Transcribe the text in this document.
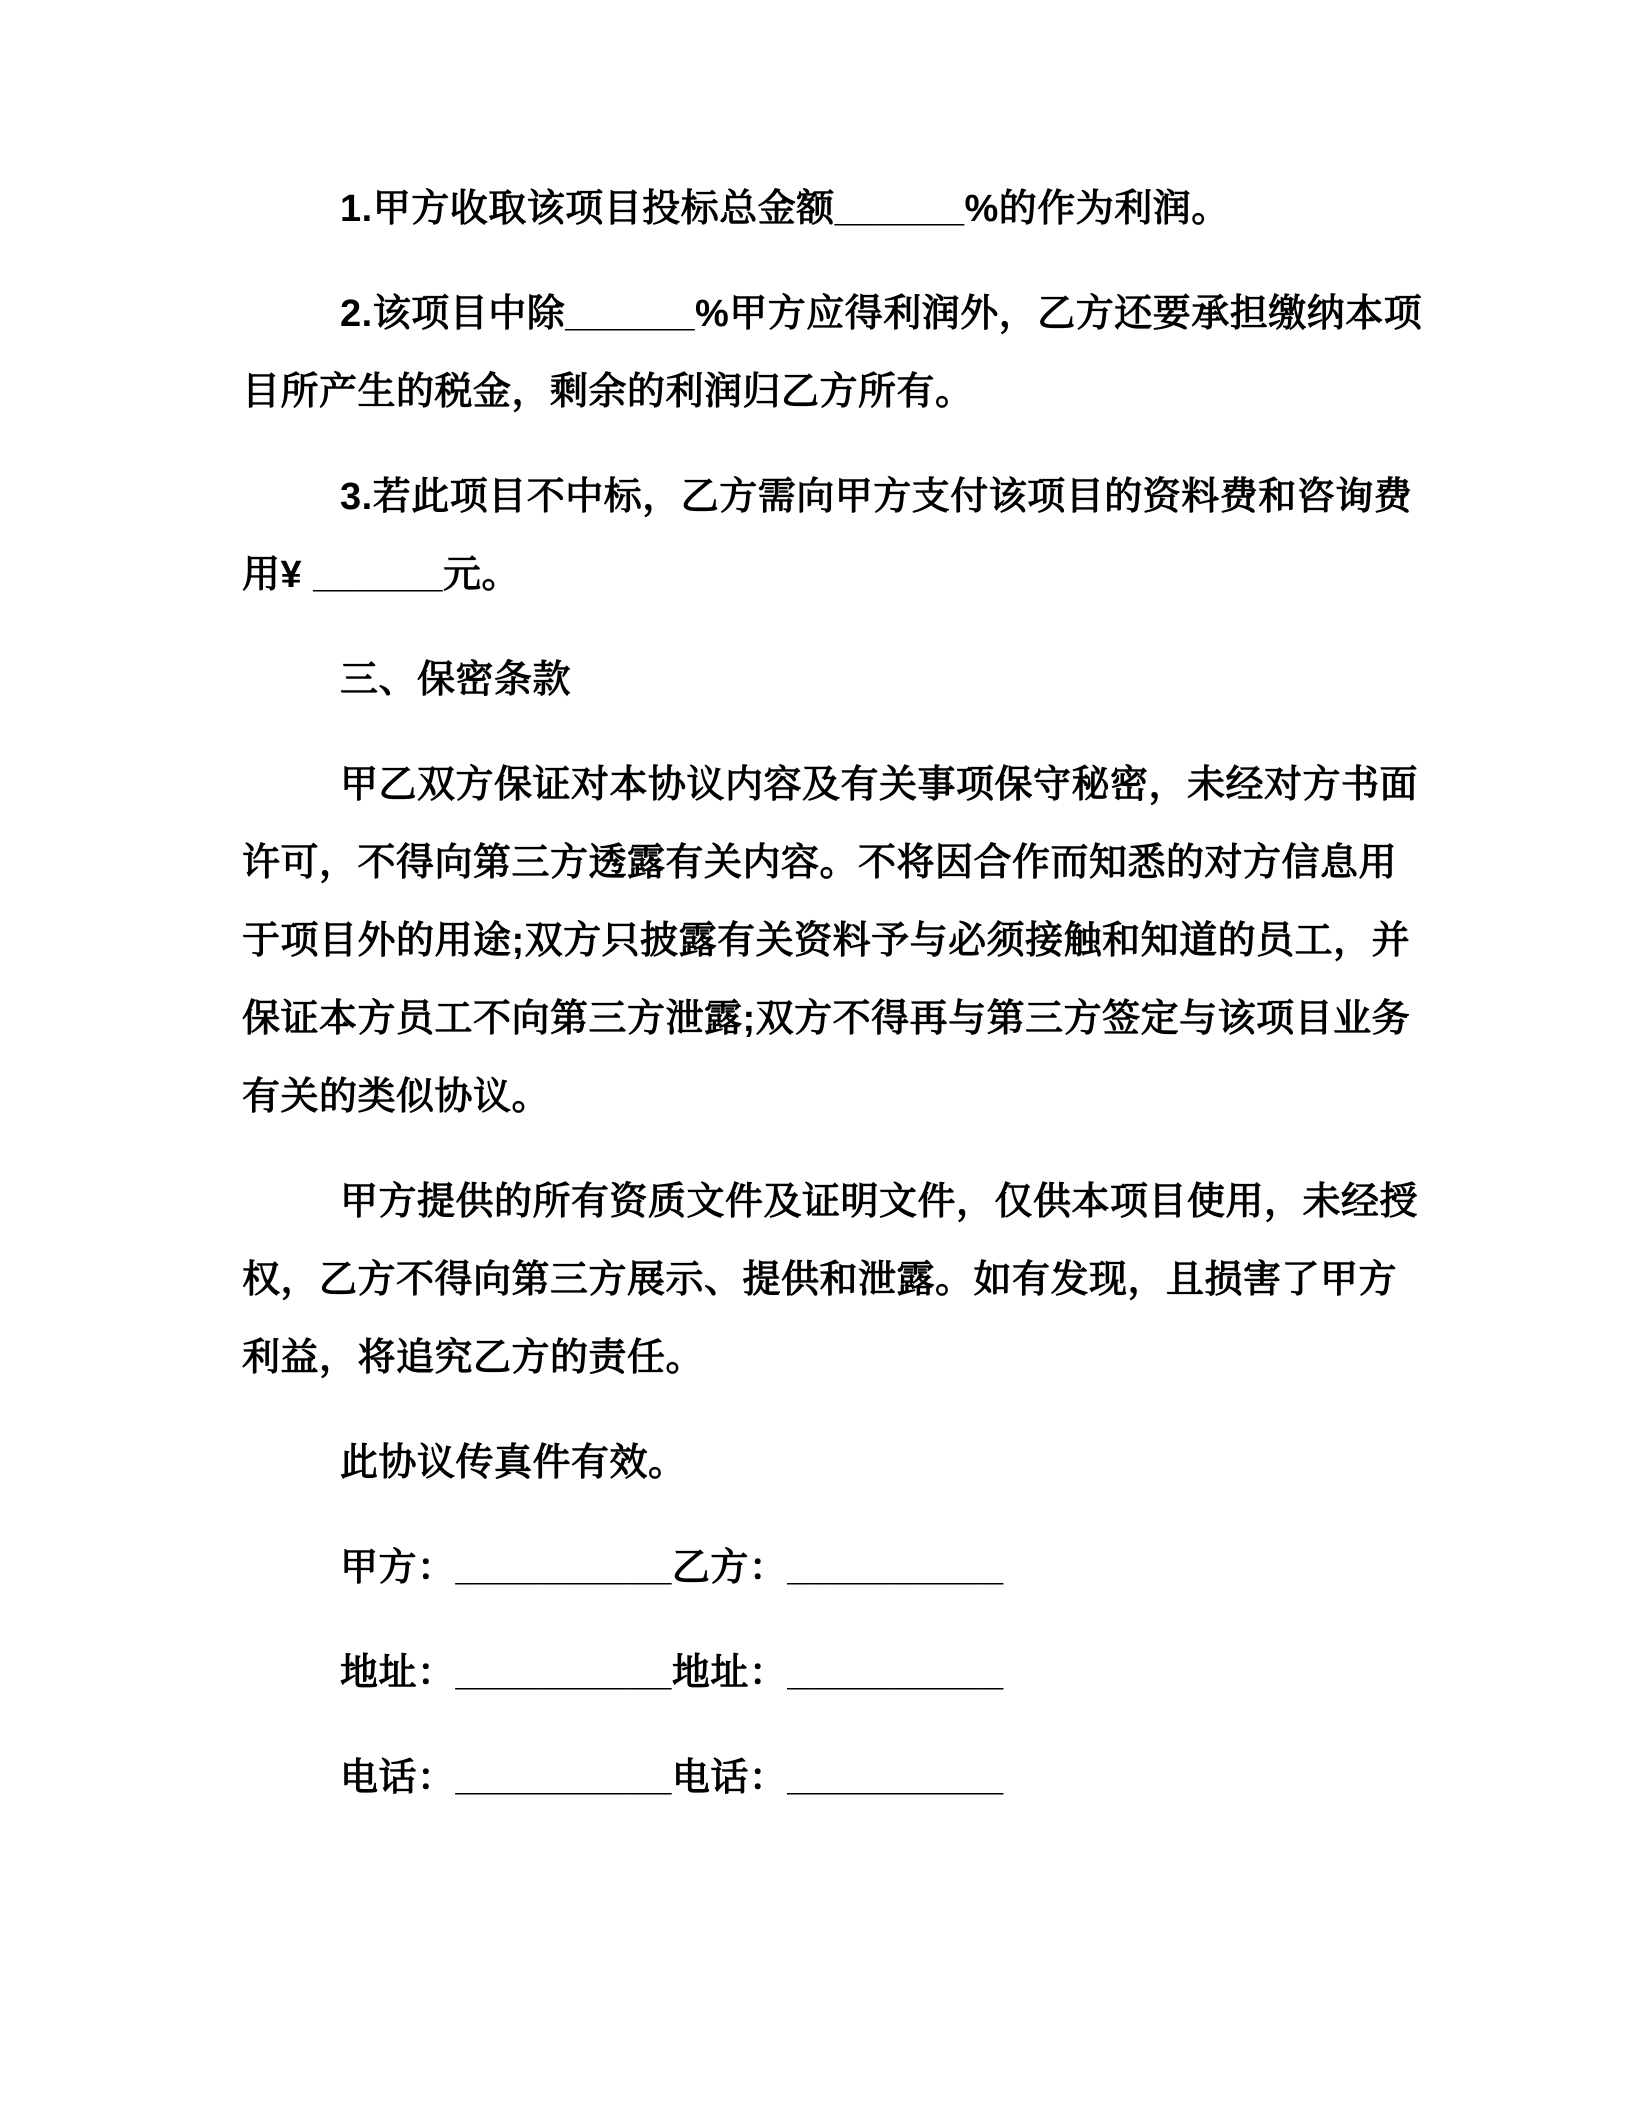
1.甲方收取该项目投标总金额______%的作为利润。
2.该项目中除______%甲方应得利润外，乙方还要承担缴纳本项
目所产生的税金，剩余的利润归乙方所有。
3.若此项目不中标，乙方需向甲方支付该项目的资料费和咨询费
用¥ ______元。
三、保密条款
甲乙双方保证对本协议内容及有关事项保守秘密，未经对方书面
许可，不得向第三方透露有关内容。不将因合作而知悉的对方信息用
于项目外的用途;双方只披露有关资料予与必须接触和知道的员工，并
保证本方员工不向第三方泄露;双方不得再与第三方签定与该项目业务
有关的类似协议。
甲方提供的所有资质文件及证明文件，仅供本项目使用，未经授
权，乙方不得向第三方展示、提供和泄露。如有发现，且损害了甲方
利益，将追究乙方的责任。
此协议传真件有效。
甲方：__________乙方：__________
地址：__________地址：__________
电话：__________电话：__________
